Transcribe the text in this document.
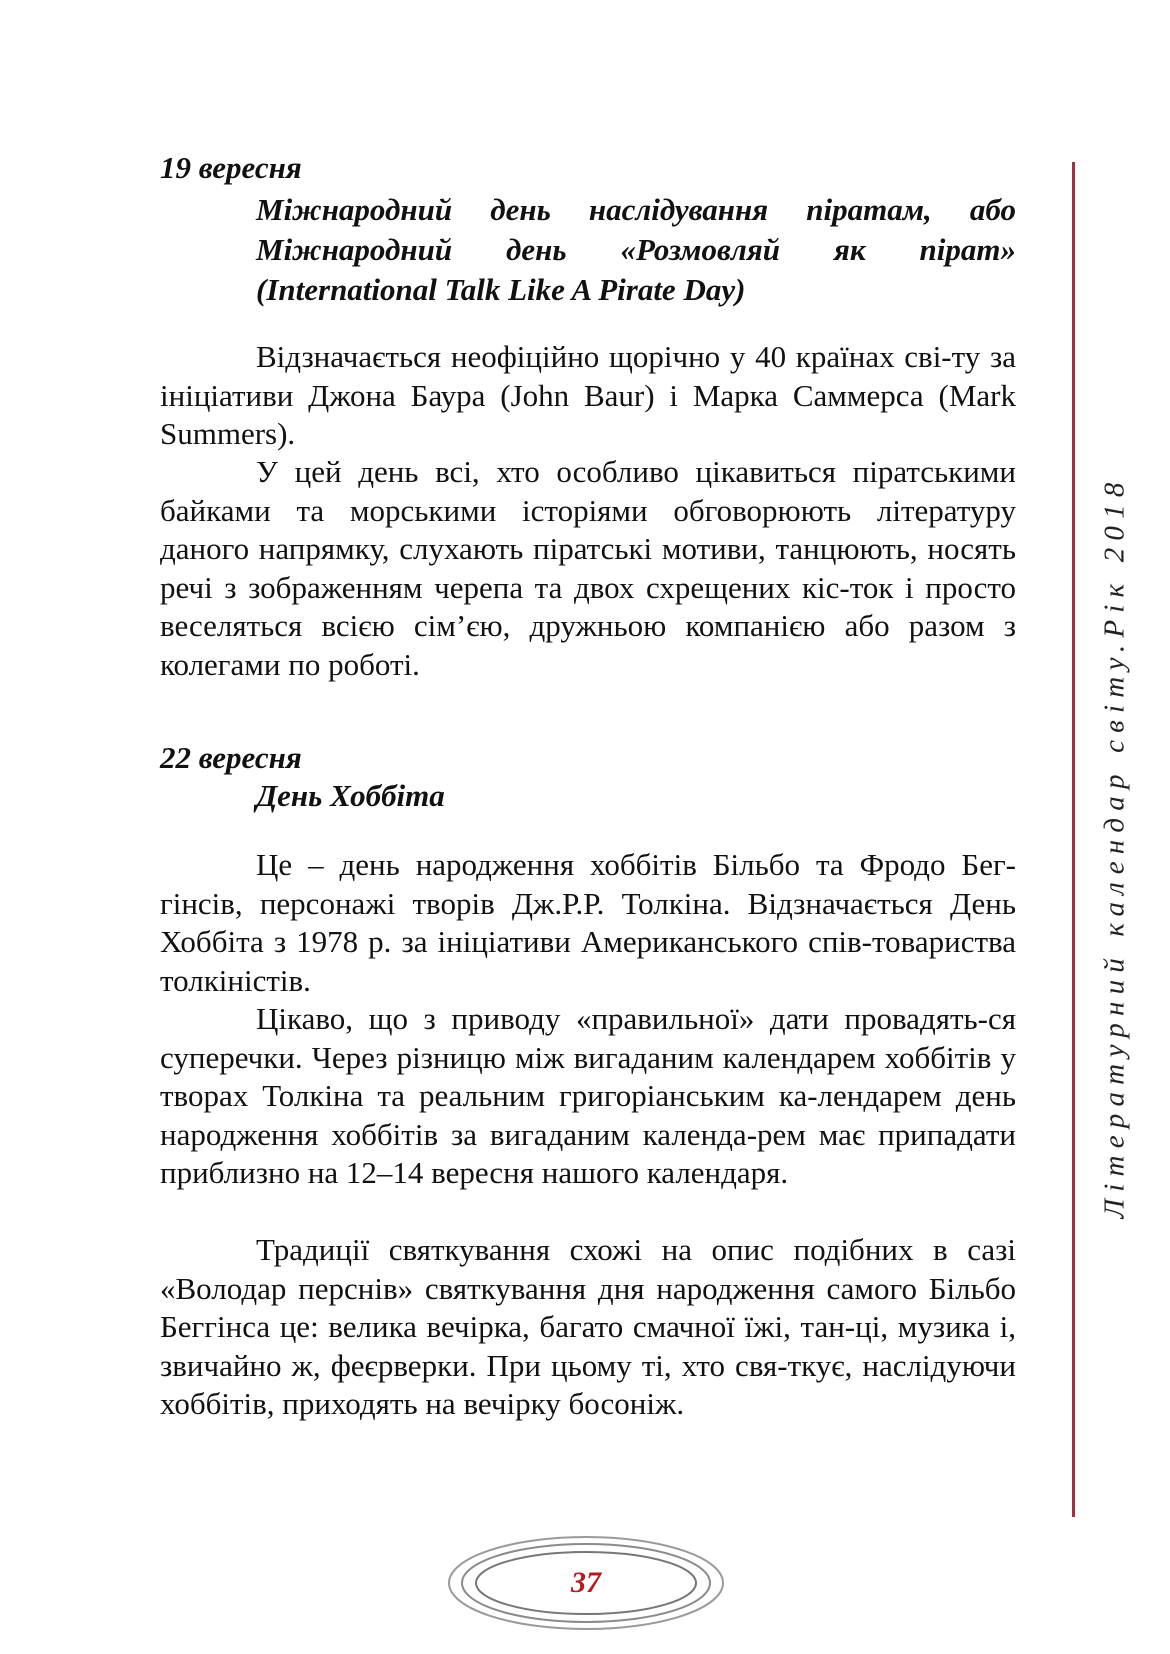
19 вересня

Міжнародний день наслідування піратам, або
Міжнародний день «Розмовляй як пірат»
(International Talk Like A Pirate Day)

Відзначається неофіційно щорічно у 40 країнах сві-ту за ініціативи Джона Баура (John Baur) і Марка Саммерса (Mark Summers).

У цей день всі, хто особливо цікавиться піратськими байками та морськими історіями обговорюють літературу даного напрямку, слухають піратські мотиви, танцюють, носять речі з зображенням черепа та двох схрещених кіс-ток і просто веселяться всією сім’єю, дружньою компанією або разом з колегами по роботі.

22 вересня

День Хоббіта

Це – день народження хоббітів Більбо та Фродо Бег-гінсів, персонажі творів Дж.Р.Р. Толкіна. Відзначається День Хоббіта з 1978 р. за ініціативи Американського спів-товариства толкіністів.

Цікаво, що з приводу «правильної» дати провадять-ся суперечки. Через різницю між вигаданим календарем хоббітів у творах Толкіна та реальним григоріанським ка-лендарем день народження хоббітів за вигаданим календа-рем має припадати приблизно на 12–14 вересня нашого календаря.

Традиції святкування схожі на опис подібних в сазі «Володар перснів» святкування дня народження самого Більбо Беггінса це: велика вечірка, багато смачної їжі, тан-ці, музика і, звичайно ж, феєрверки. При цьому ті, хто свя-ткує, наслідуючи хоббітів, приходять на вечірку босоніж.

Літературний календар світу.Рік 2018
37
